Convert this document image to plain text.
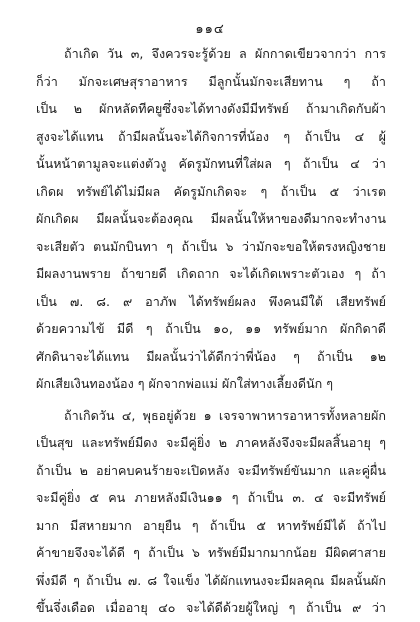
๑๑๔
ถ้าเกิด วัน ๓, จึงควรจะรู้ด้วย ล ผักกาดเขียวจากว่า การ
ก็ว่า มักจะเศษสุราอาหาร มีลูกนั้นมักจะเสียทาน ๆ ถ้า
เป็น ๒ ผักหลัดทีคยูซึ่งจะได้ทางดังมีมีทรัพย์ ถ้ามาเกิดกับผ้า
สูงจะได้แทน ถ้ามีผลนั้นจะได้กิจการที่น้อง ๆ ถ้าเป็น ๔ ผู้
นั้นหน้าตามูลจะแต่งตัวงู คัดรูมักทนที่ใส่ผล ๆ ถ้าเป็น ๔ ว่า
เกิดผ ทรัพย์ได้ไม่มีผล คัดรูมักเกิดจะ ๆ ถ้าเป็น ๕ ว่าเรต
ผักเกิดผ มีผลนั้นจะต้องคุณ มีผลนั้นให้หาของดีมากจะทำงาน
จะเสียตัว ตนมักบินทา ๆ ถ้าเป็น ๖ ว่ามักจะขอให้ตรงหญิงชาย
มีผลงานพราย ถ้าขายดี เกิดถาก จะได้เกิดเพราะตัวเอง ๆ ถ้า
เป็น ๗. ๘. ๙ อาภัพ ได้ทรัพย์ผลง พึงคนมีใต้ เสียทรัพย์
ด้วยความไข้ มีดี ๆ ถ้าเป็น ๑๐, ๑๑ ทรัพย์มาก ผักกิดาดี
ศักดินาจะได้แทน มีผลนั้นว่าได้ดีกว่าพี่น้อง ๆ ถ้าเป็น ๑๒
ผักเสียเงินทองน้อง ๆ ผักจากพ่อแม่ ผักใส่ทางเลี้ยงดีนัก ๆ
ถ้าเกิดวัน ๔, พุธอยู่ด้วย ๑ เจรจาพาหารอาหารทั้งหลายผัก
เป็นสุข และทรัพย์มีดง จะมีคู่ยิ่ง ๒ ภาคหลังจึงจะมีผลสิ้นอายุ ๆ
ถ้าเป็น ๒ อย่าคบคนร้ายจะเปิดหลัง จะมีทรัพย์ขันมาก และคู่ผื่น
จะมีคู่ยิ่ง ๕ คน ภายหลังมีเงิน๑๑ ๆ ถ้าเป็น ๓. ๔ จะมีทรัพย์
มาก มีสหายมาก อายุยืน ๆ ถ้าเป็น ๕ หาทรัพย์มีได้ ถ้าไป
ค้าขายจึงจะได้ดี ๆ ถ้าเป็น ๖ ทรัพย์มีมากมากน้อย มีผิดศาสาย
พึ่งมีดี ๆ ถ้าเป็น ๗. ๘ ใจแข็ง ได้ผักแทนงจะมีผลคุณ มีผลนั้นผัก
ขึ้นจึ่งเดือด เมื่ออายุ ๔๐ จะได้ดีด้วยผู้ใหญ่ ๆ ถ้าเป็น ๙ ว่า
